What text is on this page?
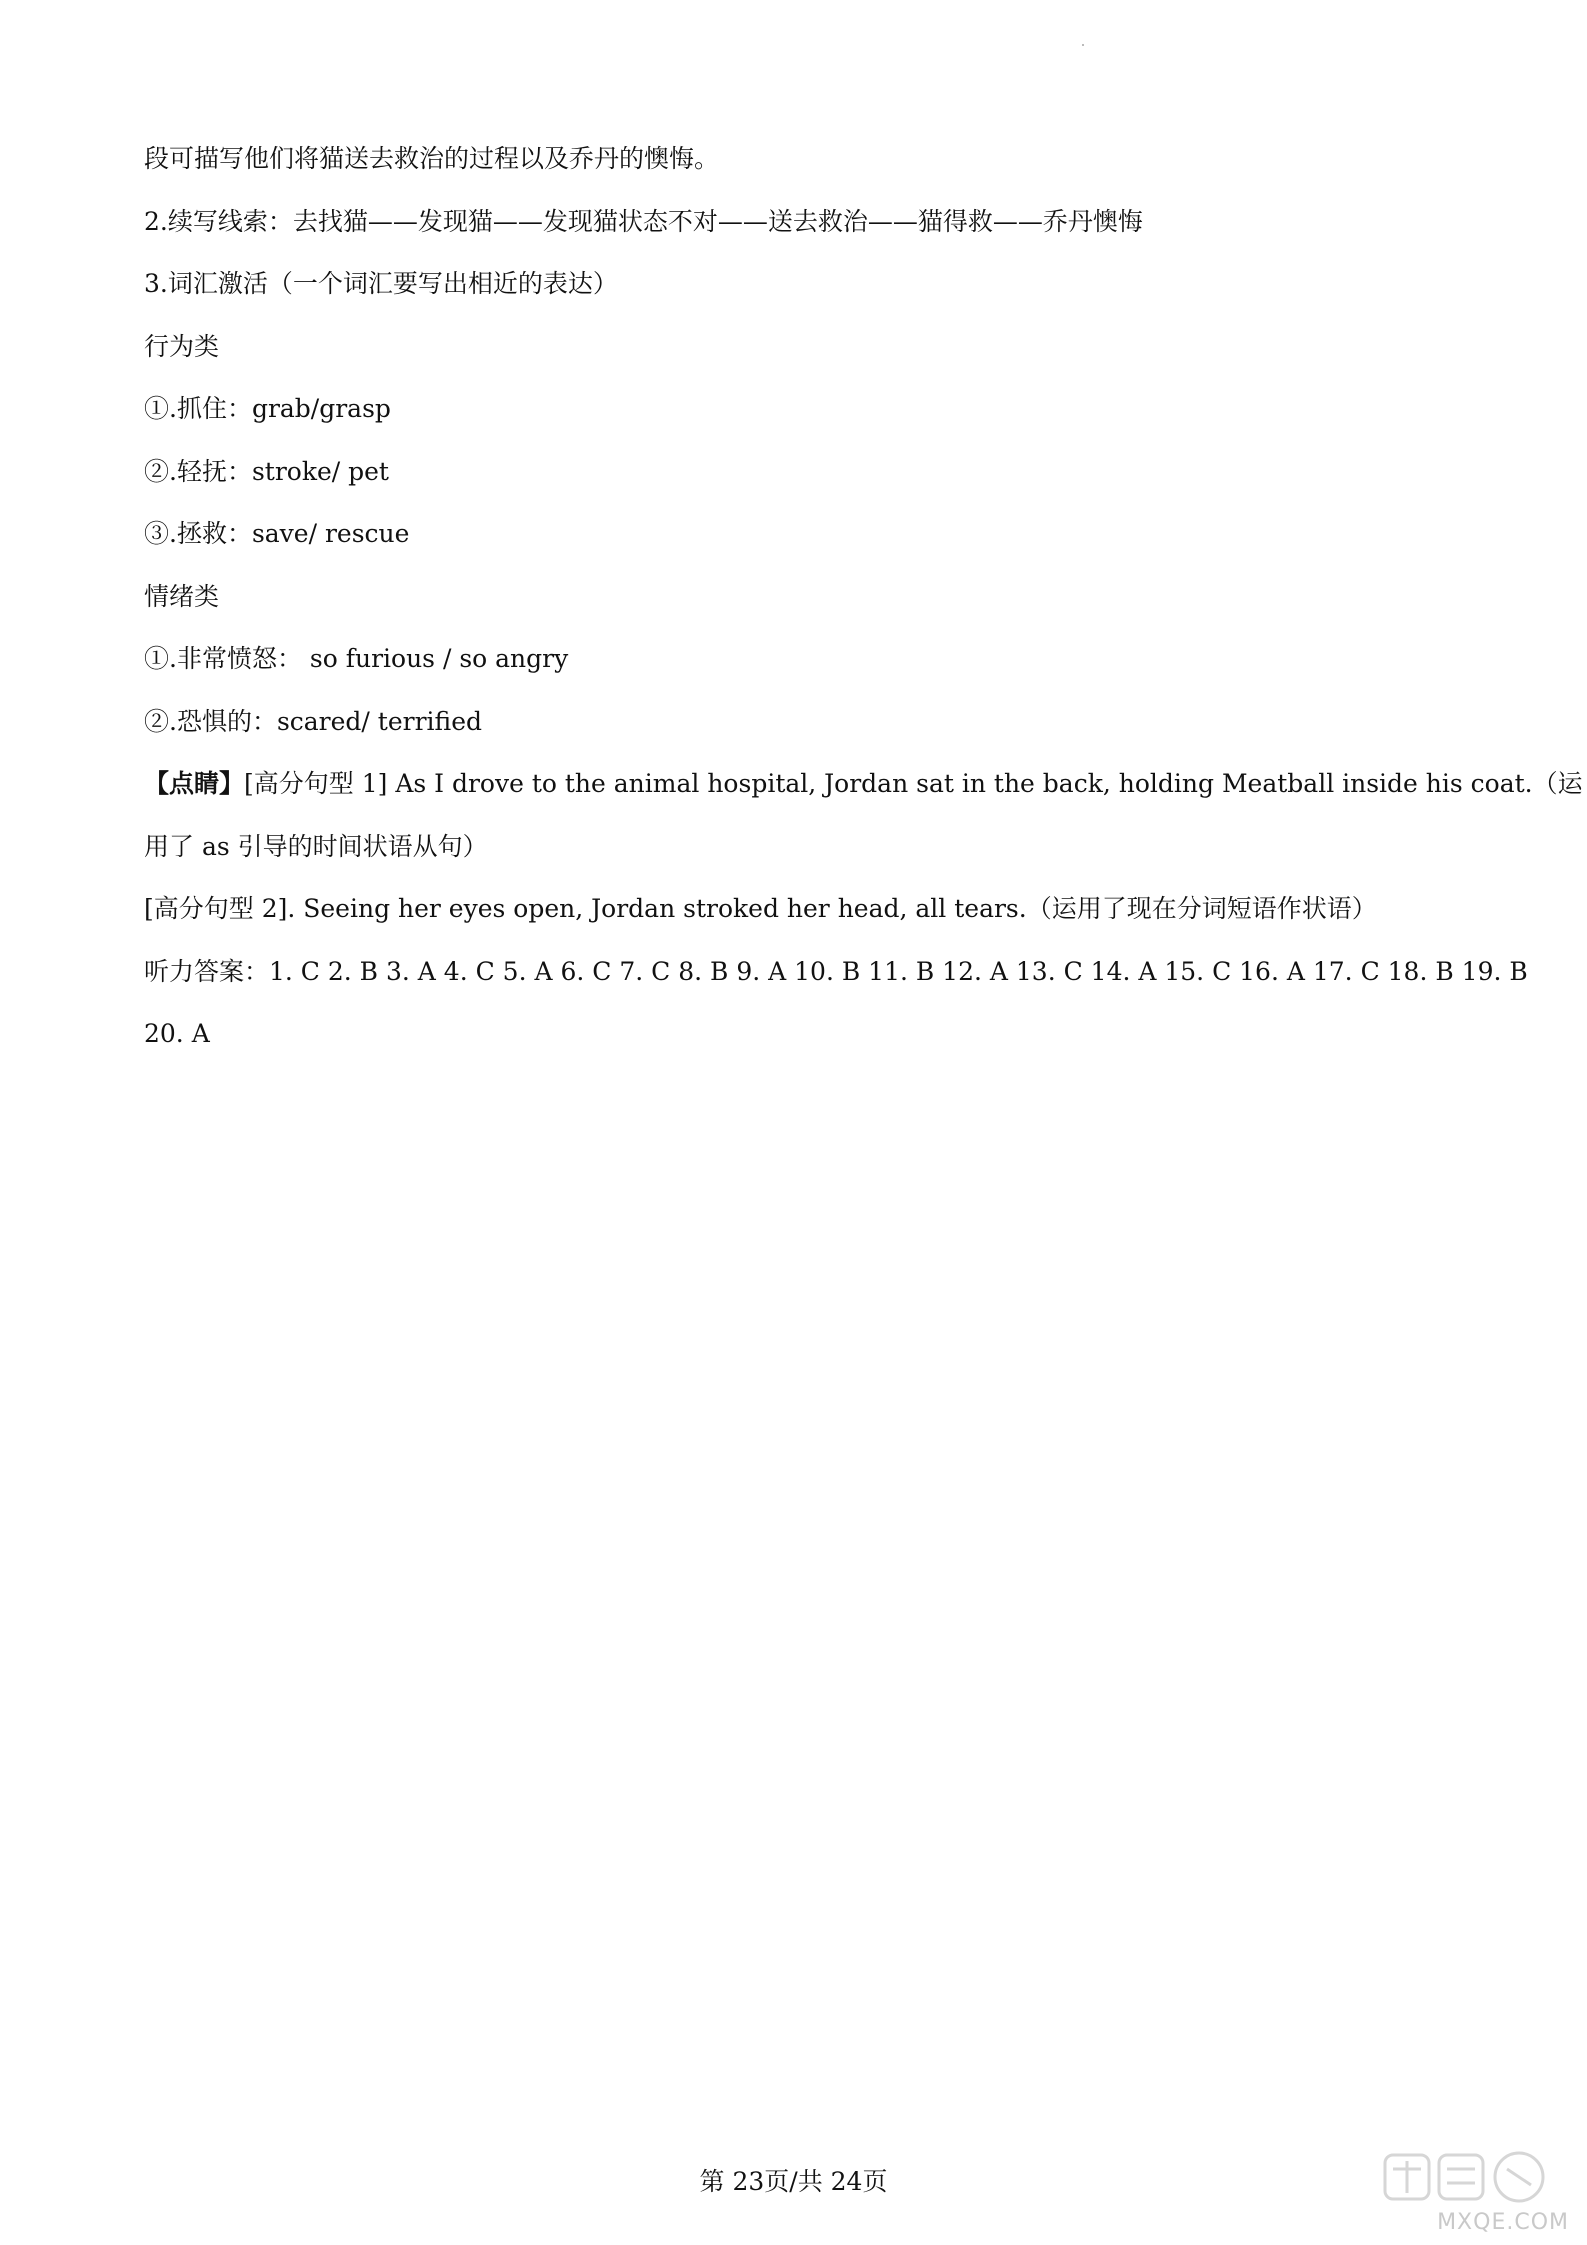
段可描写他们将猫送去救治的过程以及乔丹的懊悔。
2.续写线索：去找猫——发现猫——发现猫状态不对——送去救治——猫得救——乔丹懊悔
3.词汇激活（一个词汇要写出相近的表达）
行为类
①.抓住：grab/grasp
②.轻抚：stroke/ pet
③.拯救：save/ rescue
情绪类
①.非常愤怒： so furious / so angry
②.恐惧的：scared/ terrified
【点睛】[高分句型 1] As I drove to the animal hospital, Jordan sat in the back, holding Meatball inside his coat.（运
用了 as 引导的时间状语从句）
[高分句型 2]. Seeing her eyes open, Jordan stroked her head, all tears.（运用了现在分词短语作状语）
听力答案：1. C 2. B 3. A 4. C 5. A 6. C 7. C 8. B 9. A 10. B 11. B 12. A 13. C 14. A 15. C 16. A 17. C 18. B 19. B
20. A
第 23页/共 24页
MXQE.COM
